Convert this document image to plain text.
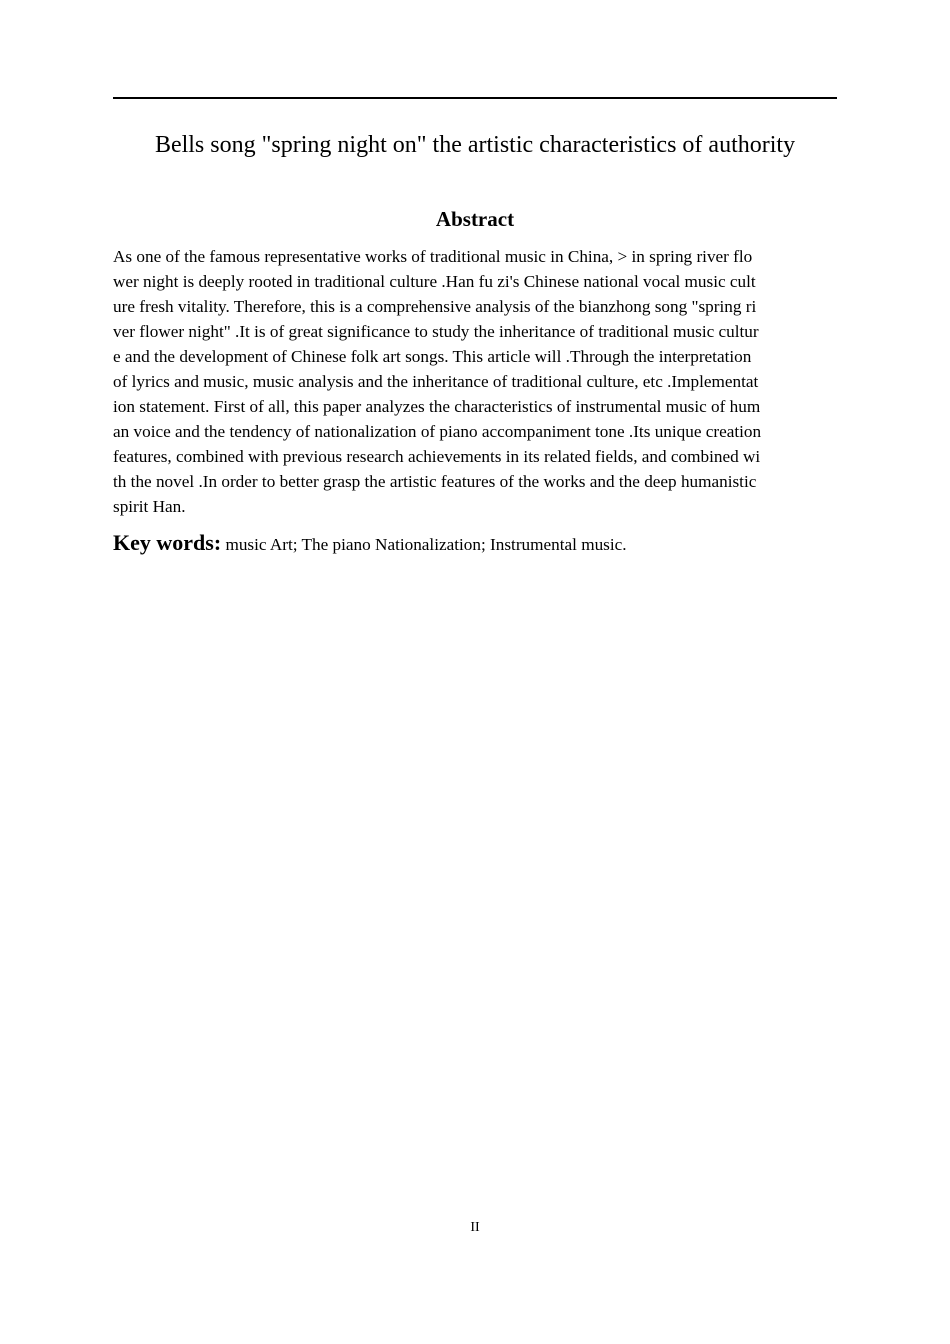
Bells song "spring night on" the artistic characteristics of authority
Abstract
As one of the famous representative works of traditional music in China, > in spring river flo
wer night is deeply rooted in traditional culture .Han fu zi's Chinese national vocal music cult
ure fresh vitality. Therefore, this is a comprehensive analysis of the bianzhong song "spring ri
ver flower night" .It is of great significance to study the inheritance of traditional music cultur
e and the development of Chinese folk art songs. This article will .Through the interpretation
of lyrics and music, music analysis and the inheritance of traditional culture, etc .Implementat
ion statement. First of all, this paper analyzes the characteristics of instrumental music of hum
an voice and the tendency of nationalization of piano accompaniment tone .Its unique creation
features, combined with previous research achievements in its related fields, and combined wi
th the novel .In order to better grasp the artistic features of the works and the deep humanistic
spirit Han.
Key words: music Art; The piano Nationalization; Instrumental music.
II
